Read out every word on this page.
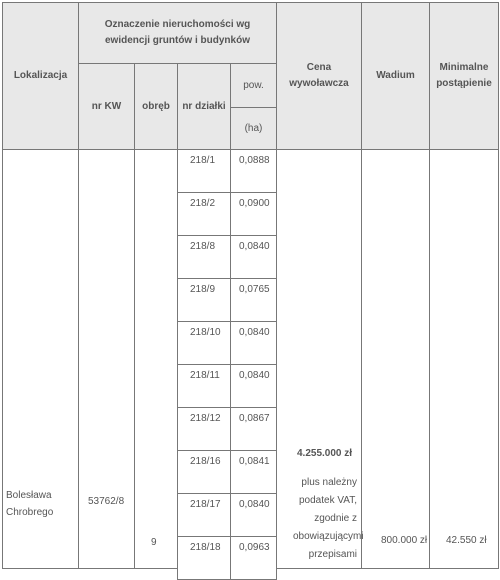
Lokalizacja
Oznaczenie nieruchomości wg ewidencji gruntów i budynków
nr KW obręb nr działki
pow.
(ha)
Cena wywoławcza
Wadium
Minimalne postąpienie
Bolesława Chrobrego
53762/8
9
4.255.000 zł
plus należny podatek VAT, zgodnie z obowiązującymi przepisami
800.000 zł 42.550 zł
218/1 0,0888
218/2 0,0900
218/8 0,0840
218/9 0,0765
218/10 0,0840
218/11 0,0840
218/12 0,0867
218/16 0,0841
218/17 0,0840
218/18 0,0963
